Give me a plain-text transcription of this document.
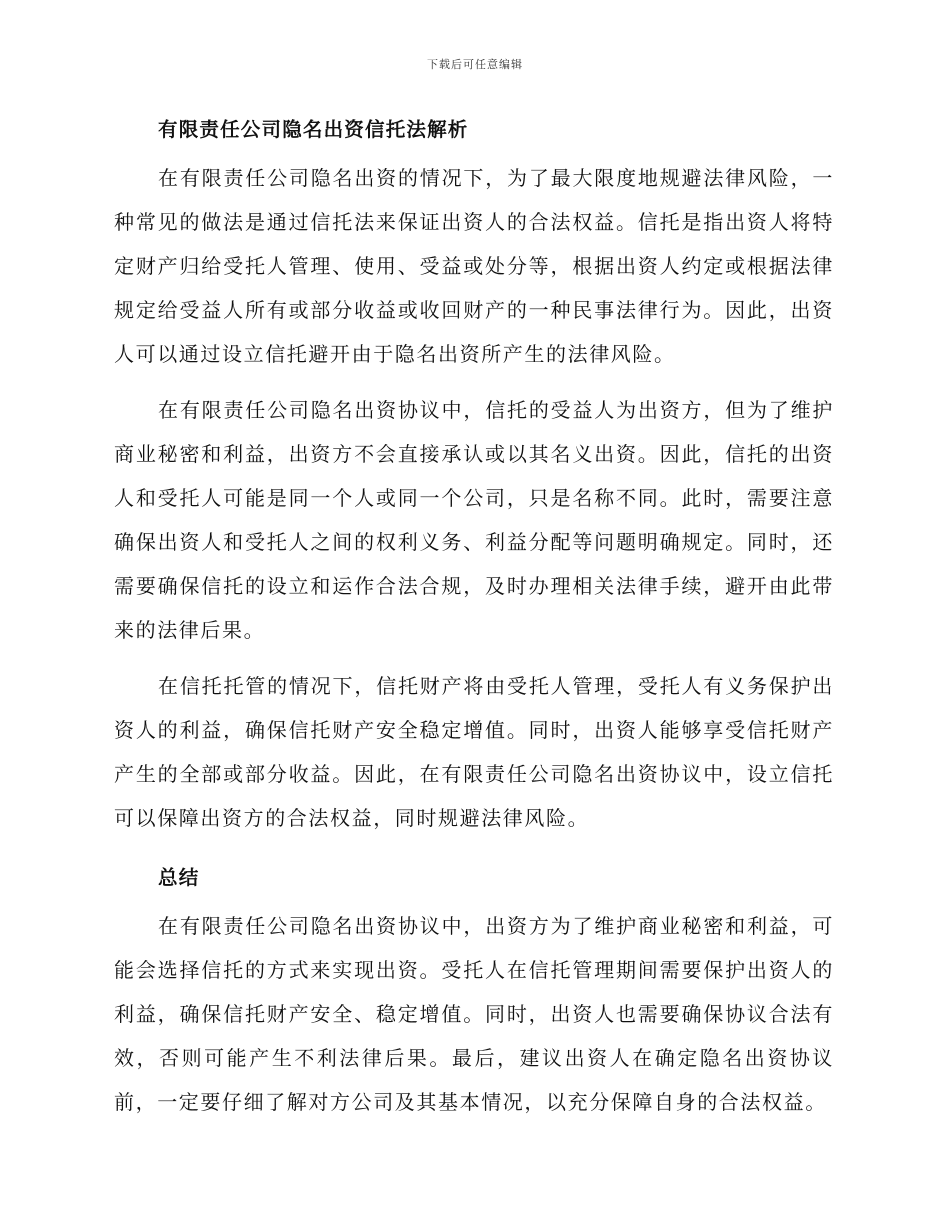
下载后可任意编辑
有限责任公司隐名出资信托法解析

在有限责任公司隐名出资的情况下，为了最大限度地规避法律风险，一种常见的做法是通过信托法来保证出资人的合法权益。信托是指出资人将特定财产归给受托人管理、使用、受益或处分等，根据出资人约定或根据法律规定给受益人所有或部分收益或收回财产的一种民事法律行为。因此，出资人可以通过设立信托避开由于隐名出资所产生的法律风险。

在有限责任公司隐名出资协议中，信托的受益人为出资方，但为了维护商业秘密和利益，出资方不会直接承认或以其名义出资。因此，信托的出资人和受托人可能是同一个人或同一个公司，只是名称不同。此时，需要注意确保出资人和受托人之间的权利义务、利益分配等问题明确规定。同时，还需要确保信托的设立和运作合法合规，及时办理相关法律手续，避开由此带来的法律后果。

在信托托管的情况下，信托财产将由受托人管理，受托人有义务保护出资人的利益，确保信托财产安全稳定增值。同时，出资人能够享受信托财产产生的全部或部分收益。因此，在有限责任公司隐名出资协议中，设立信托可以保障出资方的合法权益，同时规避法律风险。

总结

在有限责任公司隐名出资协议中，出资方为了维护商业秘密和利益，可能会选择信托的方式来实现出资。受托人在信托管理期间需要保护出资人的利益，确保信托财产安全、稳定增值。同时，出资人也需要确保协议合法有效，否则可能产生不利法律后果。最后，建议出资人在确定隐名出资协议前，一定要仔细了解对方公司及其基本情况，以充分保障自身的合法权益。
